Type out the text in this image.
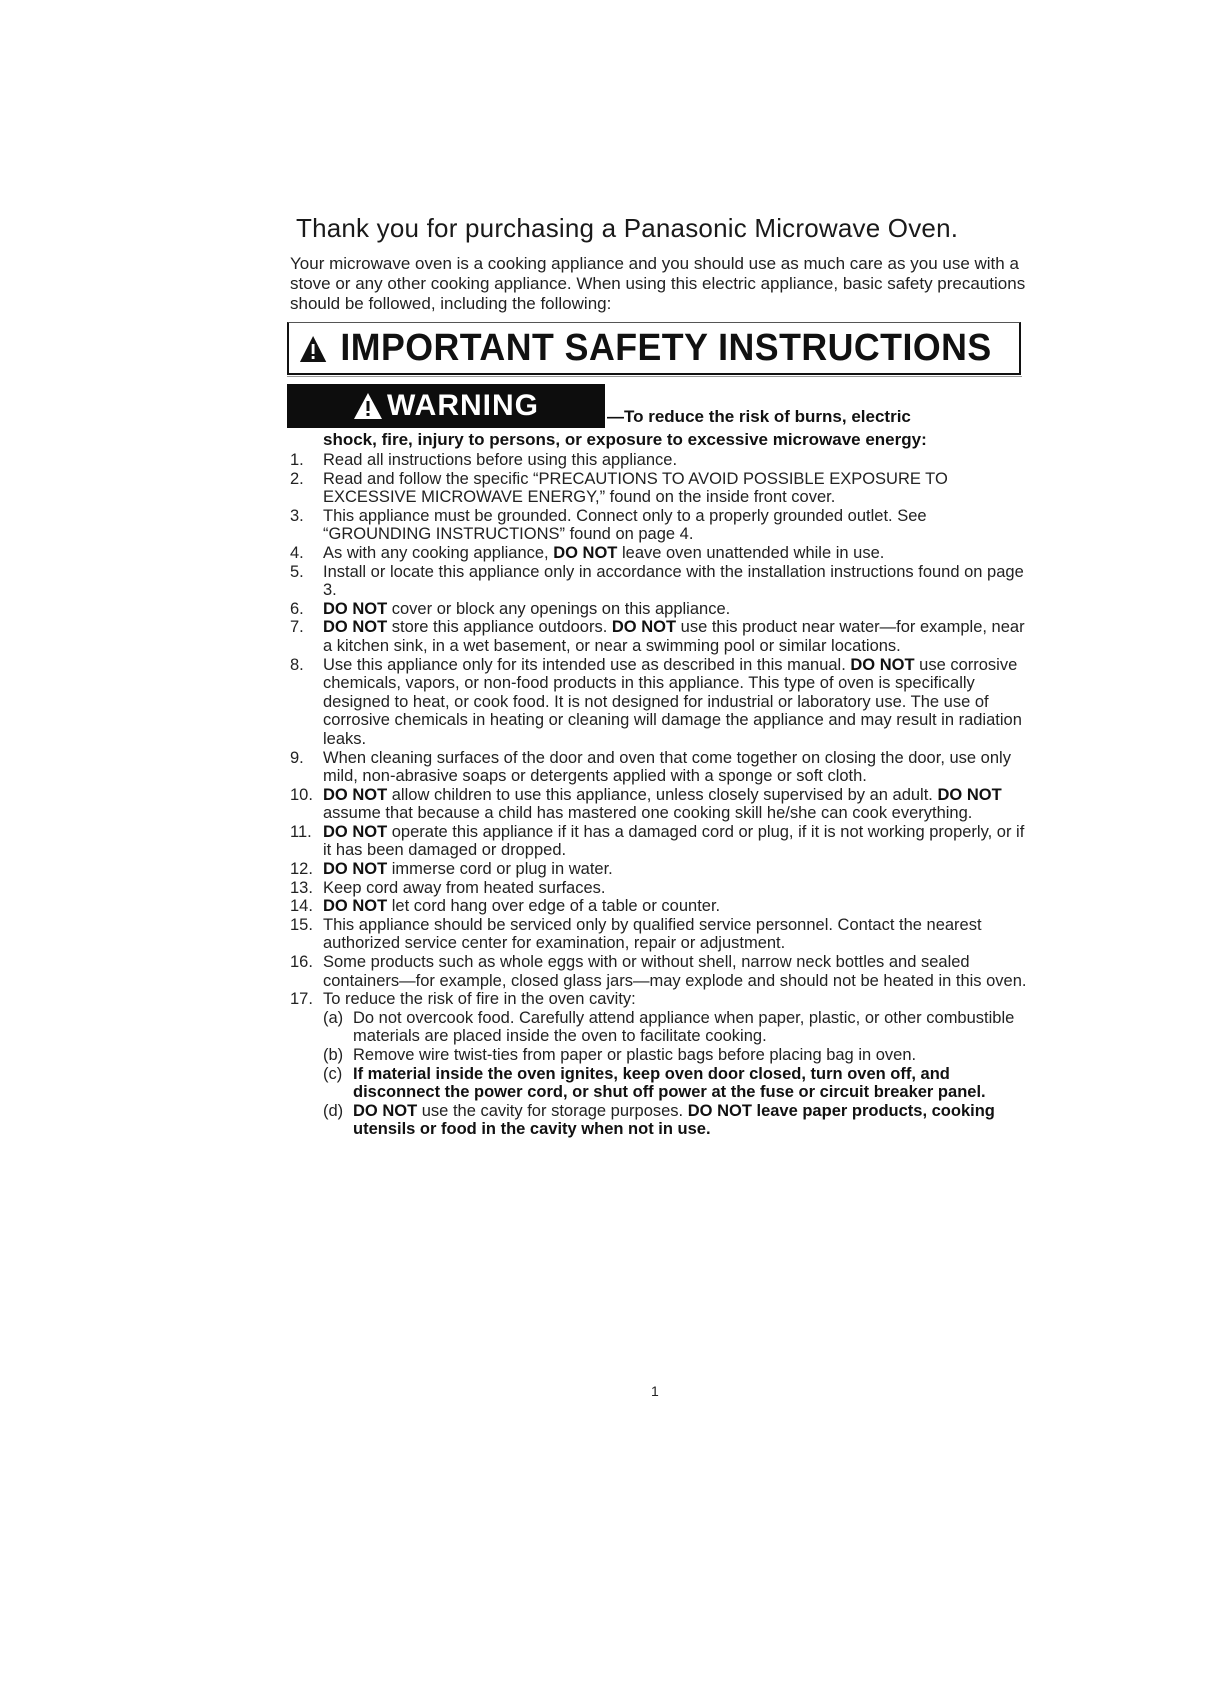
Thank you for purchasing a Panasonic Microwave Oven.
Your microwave oven is a cooking appliance and you should use as much care as you use with a stove or any other cooking appliance. When using this electric appliance, basic safety precautions should be followed, including the following:
IMPORTANT SAFETY INSTRUCTIONS
WARNING	—To reduce the risk of burns, electric
shock, fire, injury to persons, or exposure to excessive microwave energy:
1.	Read all instructions before using this appliance.
2.	Read and follow the specific “PRECAUTIONS TO AVOID POSSIBLE EXPOSURE TO EXCESSIVE MICROWAVE ENERGY,” found on the inside front cover.
3.	This appliance must be grounded. Connect only to a properly grounded outlet. See “GROUNDING INSTRUCTIONS” found on page 4.
4.	As with any cooking appliance, DO NOT leave oven unattended while in use.
5.	Install or locate this appliance only in accordance with the installation instructions found on page 3.
6.	DO NOT cover or block any openings on this appliance.
7.	DO NOT store this appliance outdoors. DO NOT use this product near water—for example, near a kitchen sink, in a wet basement, or near a swimming pool or similar locations.
8.	Use this appliance only for its intended use as described in this manual. DO NOT use corrosive chemicals, vapors, or non-food products in this appliance. This type of oven is specifically designed to heat, or cook food. It is not designed for industrial or laboratory use. The use of corrosive chemicals in heating or cleaning will damage the appliance and may result in radiation leaks.
9.	When cleaning surfaces of the door and oven that come together on closing the door, use only mild, non-abrasive soaps or detergents applied with a sponge or soft cloth.
10. DO NOT allow children to use this appliance, unless closely supervised by an adult. DO NOT assume that because a child has mastered one cooking skill he/she can cook everything.
11. DO NOT operate this appliance if it has a damaged cord or plug, if it is not working properly, or if it has been damaged or dropped.
12. DO NOT immerse cord or plug in water.
13. Keep cord away from heated surfaces.
14. DO NOT let cord hang over edge of a table or counter.
15. This appliance should be serviced only by qualified service personnel. Contact the nearest authorized service center for examination, repair or adjustment.
16. Some products such as whole eggs with or without shell, narrow neck bottles and sealed containers—for example, closed glass jars—may explode and should not be heated in this oven.
17. To reduce the risk of fire in the oven cavity:
(a) Do not overcook food. Carefully attend appliance when paper, plastic, or other combustible materials are placed inside the oven to facilitate cooking.
(b) Remove wire twist-ties from paper or plastic bags before placing bag in oven.
(c) If material inside the oven ignites, keep oven door closed, turn oven off, and disconnect the power cord, or shut off power at the fuse or circuit breaker panel.
(d) DO NOT use the cavity for storage purposes. DO NOT leave paper products, cooking utensils or food in the cavity when not in use.
1
